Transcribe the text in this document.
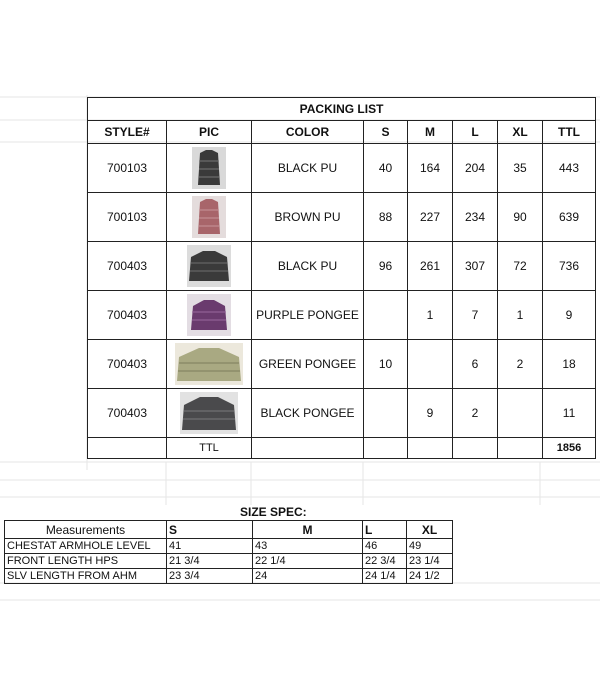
PACKING LIST							
STYLE#	PIC	COLOR	S	M	L	XL	TTL
700103		BLACK PU	40	164	204	35	443
700103		BROWN PU	88	227	234	90	639
700403		BLACK PU	96	261	307	72	736
700403		PURPLE PONGEE		1	7	1	9
700403		GREEN PONGEE	10		6	2	18
700403		BLACK PONGEE		9	2		11
	TTL						1856
SIZE SPEC:
Measurements	S	M	L	XL
CHESTAT ARMHOLE LEVEL	41	43	46	49
FRONT LENGTH HPS	21 3/4	22 1/4	22 3/4	23 1/4
SLV LENGTH FROM AHM	23 3/4	24	24 1/4	24 1/2
